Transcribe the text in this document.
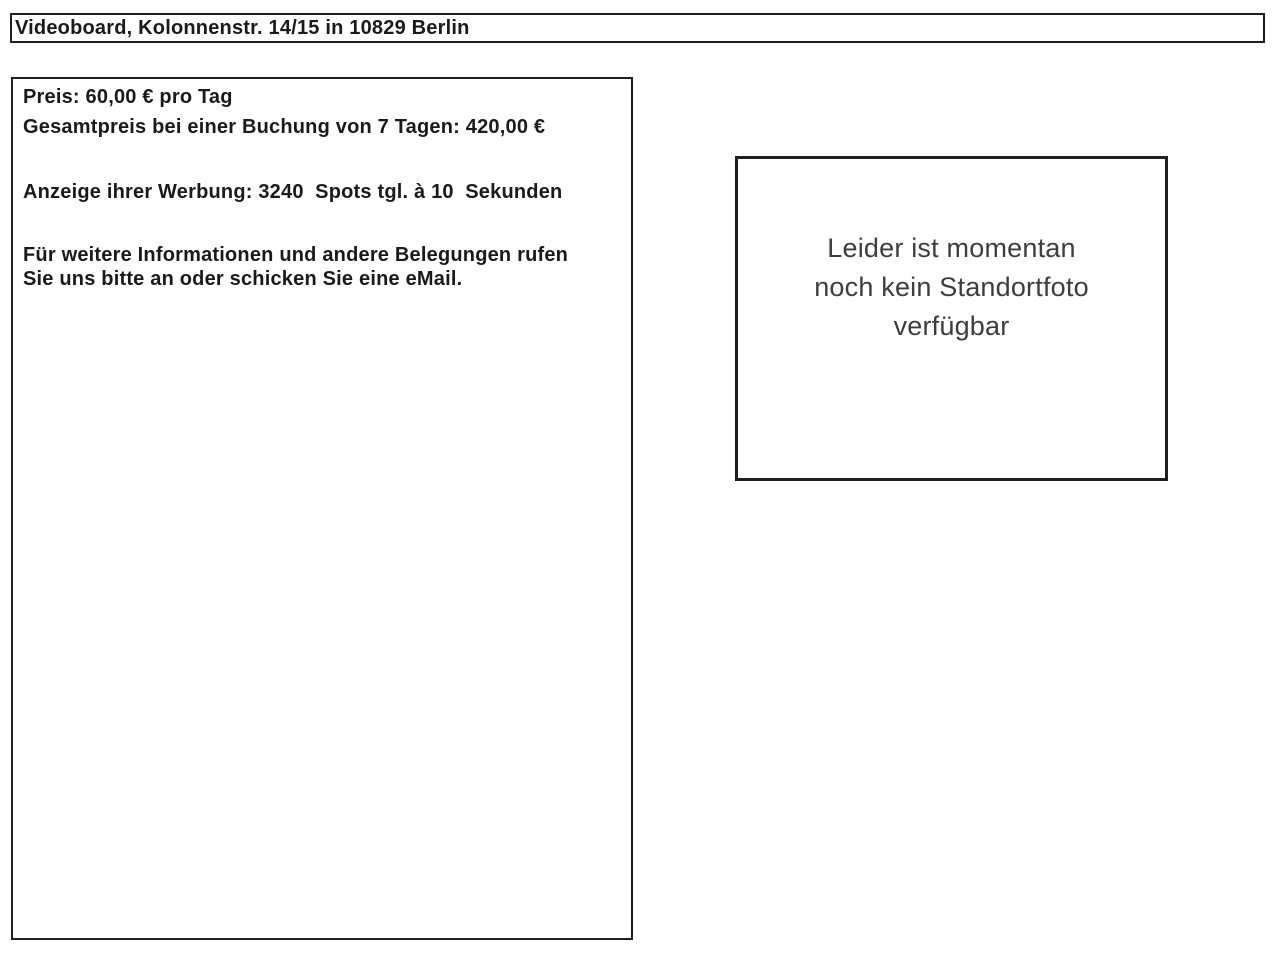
Videoboard, Kolonnenstr. 14/15 in 10829 Berlin
Preis: 60,00 € pro Tag
Gesamtpreis bei einer Buchung von 7 Tagen: 420,00 €
Anzeige ihrer Werbung: 3240  Spots tgl. à 10  Sekunden
Für weitere Informationen und andere Belegungen rufen
Sie uns bitte an oder schicken Sie eine eMail.
Leider ist momentan
noch kein Standortfoto
verfügbar
